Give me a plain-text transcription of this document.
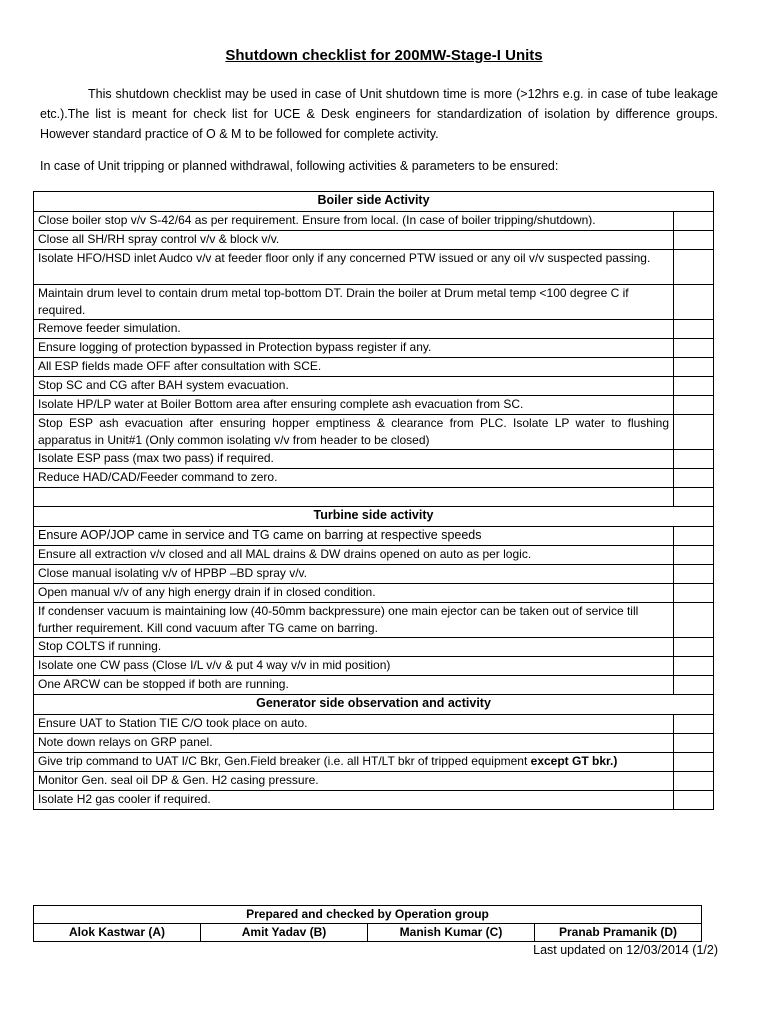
Shutdown checklist for 200MW-Stage-I Units
This shutdown checklist may be used in case of Unit shutdown time is more (>12hrs e.g. in case of tube leakage etc.).The list is meant for check list for UCE & Desk engineers for standardization of isolation by difference groups. However standard practice of O & M to be followed for complete activity.
In case of Unit tripping or planned withdrawal, following activities & parameters to be ensured:
Boiler side Activity	
Close boiler stop v/v S-42/64 as per requirement. Ensure from local. (In case of boiler tripping/shutdown).	
Close all SH/RH spray control v/v & block v/v.	
Isolate HFO/HSD inlet Audco v/v at feeder floor only if any concerned PTW issued or any oil v/v suspected passing.	
Maintain drum level to contain drum metal top-bottom DT. Drain the boiler at Drum metal temp <100 degree C if required.	
Remove feeder simulation.	
Ensure logging of protection bypassed in Protection bypass register if any.	
All ESP fields made OFF after consultation with SCE.	
Stop SC and CG after BAH system evacuation.	
Isolate HP/LP water at Boiler Bottom area after ensuring complete ash evacuation from SC.	
Stop ESP ash evacuation after ensuring hopper emptiness & clearance from PLC. Isolate LP water to flushing apparatus in Unit#1 (Only common isolating v/v from header to be closed)	
Isolate ESP pass (max two pass) if required.	
Reduce HAD/CAD/Feeder command to zero.	

Turbine side activity	
Ensure AOP/JOP came in service and TG came on barring at respective speeds	
Ensure all extraction v/v closed and all MAL drains & DW drains opened on auto as per logic.	
Close manual isolating v/v of HPBP –BD spray v/v.	
Open manual v/v of any high energy drain if in closed condition.	
If condenser vacuum is maintaining low (40-50mm backpressure) one main ejector can be taken out of service till further requirement. Kill cond vacuum after TG came on barring.	
Stop COLTS if running.	
Isolate one CW pass (Close I/L v/v & put 4 way v/v in mid position)	
One ARCW can be stopped if both are running.	
Generator side observation and activity	
Ensure UAT to Station TIE C/O took place on auto.	
Note down relays on GRP panel.	
Give trip command to UAT I/C Bkr, Gen.Field breaker (i.e. all HT/LT bkr of tripped equipment except GT bkr.)	
Monitor Gen. seal oil DP & Gen. H2 casing pressure.	
Isolate H2 gas cooler if required.	
Prepared and checked by Operation group
Alok Kastwar (A)	Amit Yadav (B)	Manish Kumar (C)	Pranab Pramanik (D)
Last updated on 12/03/2014 (1/2)
